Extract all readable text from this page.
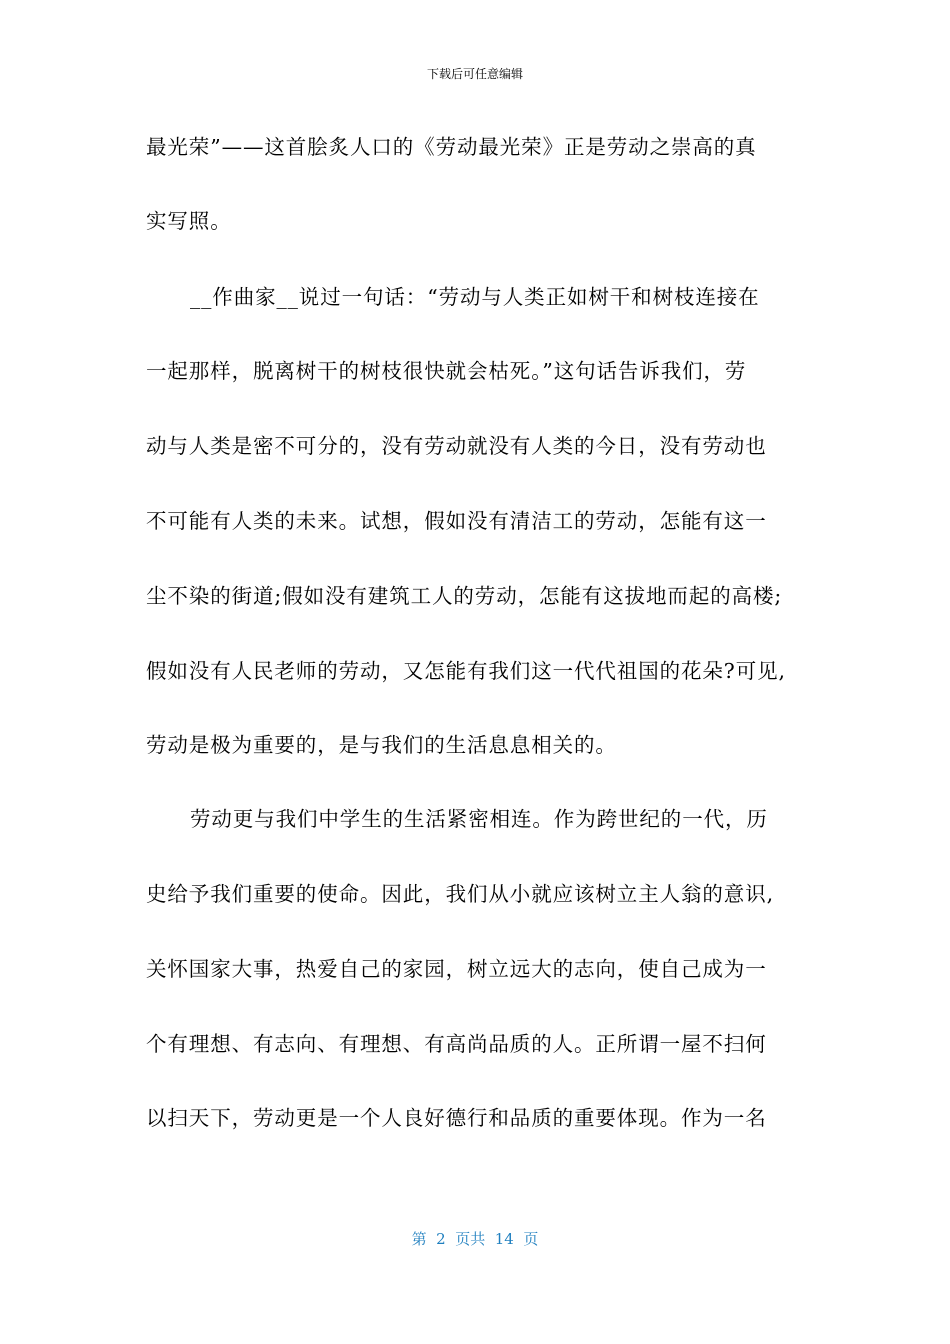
下载后可任意编辑
最光荣”——这首脍炙人口的《劳动最光荣》正是劳动之崇高的真
实写照。
__作曲家__说过一句话：“劳动与人类正如树干和树枝连接在
一起那样，脱离树干的树枝很快就会枯死。”这句话告诉我们，劳
动与人类是密不可分的，没有劳动就没有人类的今日，没有劳动也
不可能有人类的未来。试想，假如没有清洁工的劳动，怎能有这一
尘不染的街道;假如没有建筑工人的劳动，怎能有这拔地而起的高楼;
假如没有人民老师的劳动，又怎能有我们这一代代祖国的花朵?可见,
劳动是极为重要的，是与我们的生活息息相关的。
劳动更与我们中学生的生活紧密相连。作为跨世纪的一代，历
史给予我们重要的使命。因此，我们从小就应该树立主人翁的意识,
关怀国家大事，热爱自己的家园，树立远大的志向，使自己成为一
个有理想、有志向、有理想、有高尚品质的人。正所谓一屋不扫何
以扫天下，劳动更是一个人良好德行和品质的重要体现。作为一名
第  2  页共  14  页
